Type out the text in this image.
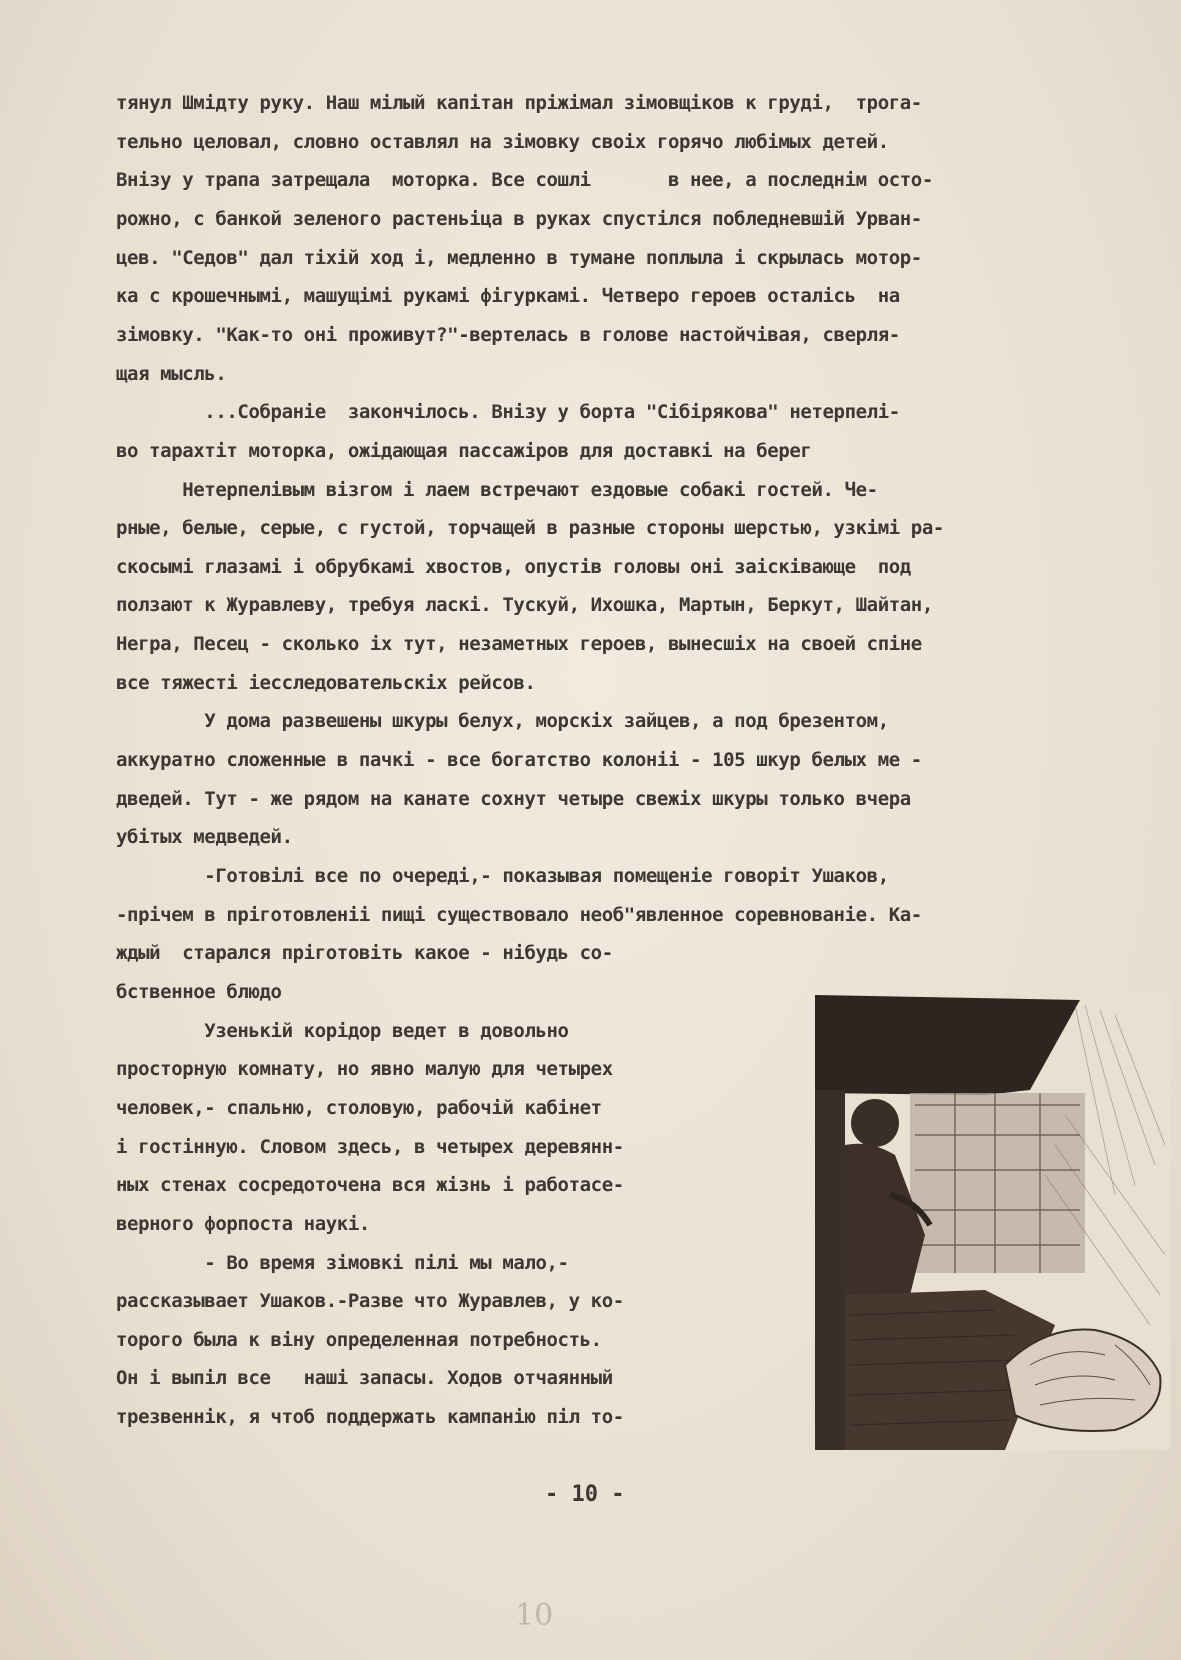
тянул Шмідту руку. Наш мілый капітан пріжімал зімовщіков к груді,  трогa-
тельно целовал, словно оставлял на зімовку своіх горячо любімых детей.
Внізу у трапа затрещала  моторка. Все сошлі       в нее, а последнім осто-
рожно, с банкой зеленого растеньіца в руках спустілся побледневшій Урван-
цев. "Седов" дал тіхій ход і, медленно в тумане поплыла і скрылась мотор-
ка с крошечнымі, машущімі рукамі фігуркамі. Четверо героев осталісь  на
зімовку. "Как-то оні проживут?"-вертелась в голове настойчівая, сверля-
щая мысль.
...Собраніе  закончілось. Внізу у борта "Сібірякова" нетерпелі-
во тарахтіт моторка, ожідающая пассажіров для доставкі на берег
Нетерпелівым візгом і лаем встречают ездовые собакі гостей. Че-
рные, белые, серые, с густой, торчащей в разные стороны шерстью, узкімі ра-
скосымі глазамі і обрубкамі хвостов, опустів головы оні заісківающе  под
ползают к Журавлеву, требуя ласкі. Тускуй, Ихошка, Мартын, Беркут, Шайтан,
Негра, Песец - сколько іх тут, незаметных героев, вынесшіх на своей спіне
все тяжесті іесследовательскіх рейсов.
У дома развешены шкуры белух, морскіх зайцев, а под брезентом,
аккуратно сложенные в пачкі - все богатство колоніі - 105 шкур белых ме -
дведей. Тут - же рядом на канате сохнут четыре свежіх шкуры только вчера
убітых медведей.
-Готовілі все по очереді,- показывая помещеніе говоріт Ушаков,
-прічем в пріготовленіі пищі существовало необ"явленное соревнованіе. Ка-
ждый  старался пріготовіть какое - нібудь со-
бственное блюдо
Узенькій корідор ведет в довольно
просторную комнату, но явно малую для четырех
человек,- спальню, столовую, рабочій кабінет
і гостінную. Словом здесь, в четырех деревянн-
ных стенах сосредоточена вся жізнь і работасе-
верного форпоста наукі.
- Во время зімовкі пілі мы мало,-
рассказывает Ушаков.-Разве что Журавлев, у ко-
торого была к віну определенная потребность.
Он і выпіл все   наші запасы. Ходов отчаянный
трезвеннік, я чтоб поддержать кампанію піл то-
- 10 -
10
